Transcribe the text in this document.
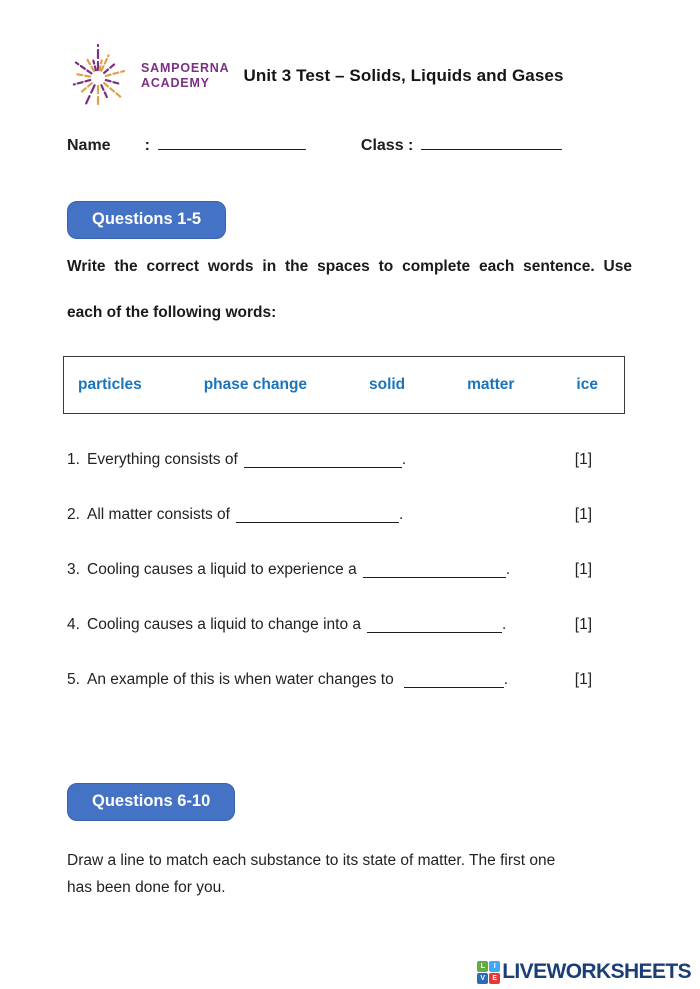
SAMPOERNA
ACADEMY	Unit 3 Test – Solids, Liquids and Gases
Name :	Class :
Questions 1-5
Write the correct words in the spaces to complete each sentence. Use
each of the following words:
particles	phase change	solid	matter	ice
1. Everything consists of	.	[1]
2. All matter consists of	.	[1]
3. Cooling causes a liquid to experience a	.	[1]
4. Cooling causes a liquid to change into a	.	[1]
5. An example of this is when water changes to	.	[1]
Questions 6-10
Draw a line to match each substance to its state of matter. The first one
has been done for you.
L	I
V	E LIVEWORKSHEETS
